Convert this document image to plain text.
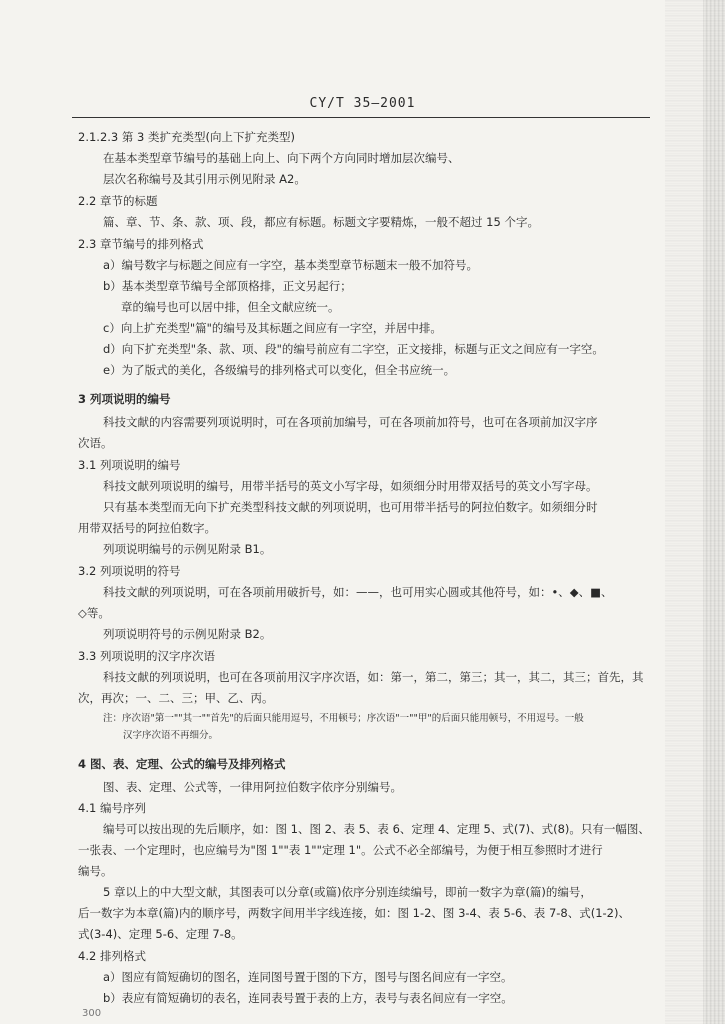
CY/T 35—2001
2.1.2.3 第 3 类扩充类型(向上下扩充类型)
在基本类型章节编号的基础上向上、向下两个方向同时增加层次编号、
层次名称编号及其引用示例见附录 A2。
2.2 章节的标题
篇、章、节、条、款、项、段，都应有标题。标题文字要精炼，一般不超过 15 个字。
2.3 章节编号的排列格式
a）编号数字与标题之间应有一字空，基本类型章节标题末一般不加符号。
b）基本类型章节编号全部顶格排，正文另起行；
章的编号也可以居中排，但全文献应统一。
c）向上扩充类型"篇"的编号及其标题之间应有一字空，并居中排。
d）向下扩充类型"条、款、项、段"的编号前应有二字空，正文接排，标题与正文之间应有一字空。
e）为了版式的美化，各级编号的排列格式可以变化，但全书应统一。
3 列项说明的编号
科技文献的内容需要列项说明时，可在各项前加编号，可在各项前加符号，也可在各项前加汉字序
次语。
3.1 列项说明的编号
科技文献列项说明的编号，用带半括号的英文小写字母，如须细分时用带双括号的英文小写字母。
只有基本类型而无向下扩充类型科技文献的列项说明，也可用带半括号的阿拉伯数字。如须细分时
用带双括号的阿拉伯数字。
列项说明编号的示例见附录 B1。
3.2 列项说明的符号
科技文献的列项说明，可在各项前用破折号，如：——，也可用实心圆或其他符号，如：•、◆、■、
◇等。
列项说明符号的示例见附录 B2。
3.3 列项说明的汉字序次语
科技文献的列项说明，也可在各项前用汉字序次语，如：第一，第二，第三；其一，其二，其三；首先，其
次，再次；一、二、三；甲、乙、丙。
注：序次语"第一""其一""首先"的后面只能用逗号，不用顿号；序次语"一""甲"的后面只能用顿号，不用逗号。一般
汉字序次语不再细分。
4 图、表、定理、公式的编号及排列格式
图、表、定理、公式等，一律用阿拉伯数字依序分别编号。
4.1 编号序列
编号可以按出现的先后顺序，如：图 1、图 2、表 5、表 6、定理 4、定理 5、式(7)、式(8)。只有一幅图、
一张表、一个定理时，也应编号为"图 1""表 1""定理 1"。公式不必全部编号，为便于相互参照时才进行
编号。
5 章以上的中大型文献，其图表可以分章(或篇)依序分别连续编号，即前一数字为章(篇)的编号，
后一数字为本章(篇)内的顺序号，两数字间用半字线连接，如：图 1-2、图 3-4、表 5-6、表 7-8、式(1-2)、
式(3-4)、定理 5-6、定理 7-8。
4.2 排列格式
a）图应有简短确切的图名，连同图号置于图的下方，图号与图名间应有一字空。
b）表应有简短确切的表名，连同表号置于表的上方，表号与表名间应有一字空。
300
